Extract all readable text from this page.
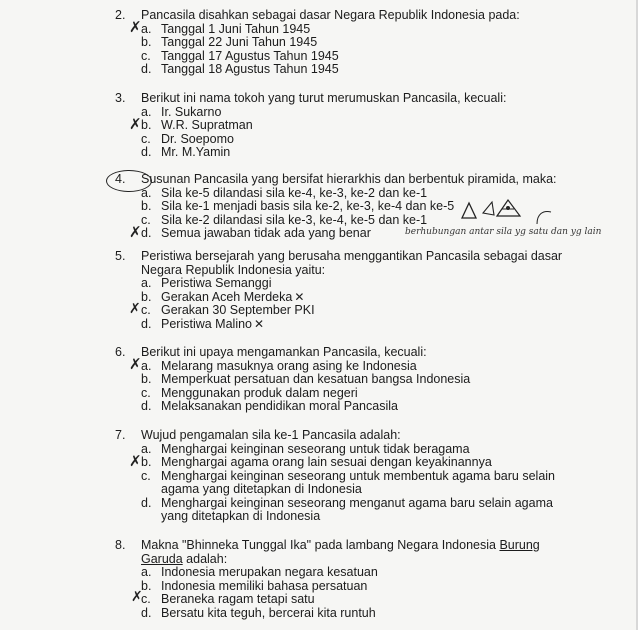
2. Pancasila disahkan sebagai dasar Negara Republik Indonesia pada:
a. Tanggal 1 Juni Tahun 1945
b. Tanggal 22 Juni Tahun 1945
c. Tanggal 17 Agustus Tahun 1945
d. Tanggal 18 Agustus Tahun 1945
✗
3. Berikut ini nama tokoh yang turut merumuskan Pancasila, kecuali:
a. Ir. Sukarno
b. W.R. Supratman
c. Dr. Soepomo
d. Mr. M.Yamin
✗
4. Susunan Pancasila yang bersifat hierarkhis dan berbentuk piramida, maka:
a. Sila ke-5 dilandasi sila ke-4, ke-3, ke-2 dan ke-1
b. Sila ke-1 menjadi basis sila ke-2, ke-3, ke-4 dan ke-5
c. Sila ke-2 dilandasi sila ke-3, ke-4, ke-5 dan ke-1
d. Semua jawaban tidak ada yang benar
✗	berhubungan antar sila yg satu dan yg lain
5. Peristiwa bersejarah yang berusaha menggantikan Pancasila sebagai dasar Negara Republik Indonesia yaitu:
a. Peristiwa Semanggi
b. Gerakan Aceh Merdeka ✕
c. Gerakan 30 September PKI
d. Peristiwa Malino ✕
✗
6. Berikut ini upaya mengamankan Pancasila, kecuali:
a. Melarang masuknya orang asing ke Indonesia
b. Memperkuat persatuan dan kesatuan bangsa Indonesia
c. Menggunakan produk dalam negeri
d. Melaksanakan pendidikan moral Pancasila
✗
7. Wujud pengamalan sila ke-1 Pancasila adalah:
a. Menghargai keinginan seseorang untuk tidak beragama
b. Menghargai agama orang lain sesuai dengan keyakinannya
c. Menghargai keinginan seseorang untuk membentuk agama baru selain agama yang ditetapkan di Indonesia
d. Menghargai keinginan seseorang menganut agama baru selain agama yang ditetapkan di Indonesia
✗
8. Makna "Bhinneka Tunggal Ika" pada lambang Negara Indonesia Burung Garuda adalah:
a. Indonesia merupakan negara kesatuan
b. Indonesia memiliki bahasa persatuan
c. Beraneka ragam tetapi satu
d. Bersatu kita teguh, bercerai kita runtuh
✗
